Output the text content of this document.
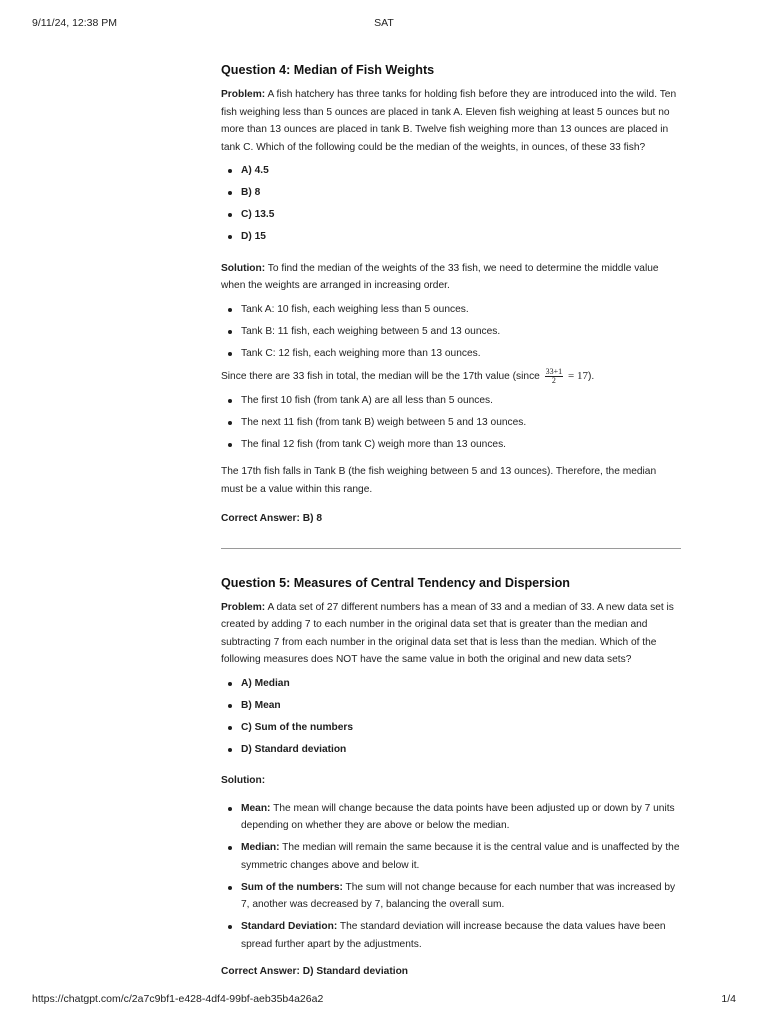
9/11/24, 12:38 PM	SAT
Question 4: Median of Fish Weights

Problem: A fish hatchery has three tanks for holding fish before they are introduced into the wild. Ten fish weighing less than 5 ounces are placed in tank A. Eleven fish weighing at least 5 ounces but no more than 13 ounces are placed in tank B. Twelve fish weighing more than 13 ounces are placed in tank C. Which of the following could be the median of the weights, in ounces, of these 33 fish?

A) 4.5
B) 8
C) 13.5
D) 15

Solution: To find the median of the weights of the 33 fish, we need to determine the middle value when the weights are arranged in increasing order.

Tank A: 10 fish, each weighing less than 5 ounces.
Tank B: 11 fish, each weighing between 5 and 13 ounces.
Tank C: 12 fish, each weighing more than 13 ounces.

Since there are 33 fish in total, the median will be the 17th value (since $\frac{33+1}{2} = 17$).

The first 10 fish (from tank A) are all less than 5 ounces.
The next 11 fish (from tank B) weigh between 5 and 13 ounces.
The final 12 fish (from tank C) weigh more than 13 ounces.

The 17th fish falls in Tank B (the fish weighing between 5 and 13 ounces). Therefore, the median must be a value within this range.

Correct Answer: B) 8

Question 5: Measures of Central Tendency and Dispersion

Problem: A data set of 27 different numbers has a mean of 33 and a median of 33. A new data set is created by adding 7 to each number in the original data set that is greater than the median and subtracting 7 from each number in the original data set that is less than the median. Which of the following measures does NOT have the same value in both the original and new data sets?

A) Median
B) Mean
C) Sum of the numbers
D) Standard deviation

Solution:

Mean: The mean will change because the data points have been adjusted up or down by 7 units depending on whether they are above or below the median.
Median: The median will remain the same because it is the central value and is unaffected by the symmetric changes above and below it.
Sum of the numbers: The sum will not change because for each number that was increased by 7, another was decreased by 7, balancing the overall sum.
Standard Deviation: The standard deviation will increase because the data values have been spread further apart by the adjustments.

Correct Answer: D) Standard deviation

https://chatgpt.com/c/2a7c9bf1-e428-4df4-99bf-aeb35b4a26a2	1/4
